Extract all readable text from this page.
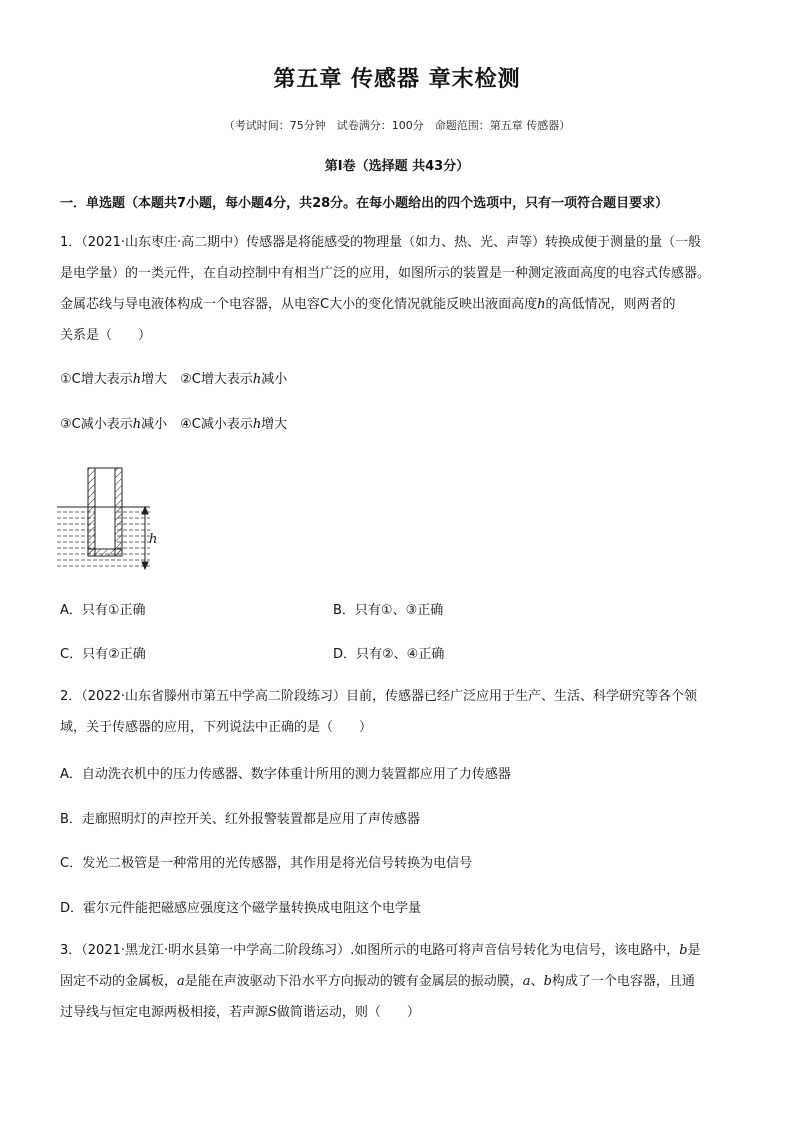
第五章 传感器 章末检测
（考试时间：75分钟　试卷满分：100分　命题范围：第五章 传感器）
第Ⅰ卷（选择题 共43分）
一．单选题（本题共7小题，每小题4分，共28分。在每小题给出的四个选项中，只有一项符合题目要求）
1．（2021·山东枣庄·高二期中）传感器是将能感受的物理量（如力、热、光、声等）转换成便于测量的量（一般
是电学量）的一类元件，在自动控制中有相当广泛的应用，如图所示的装置是一种测定液面高度的电容式传感器。
金属芯线与导电液体构成一个电容器，从电容C大小的变化情况就能反映出液面高度h的高低情况，则两者的
关系是（　　）
①C增大表示h增大　②C增大表示h减小
③C减小表示h减小　④C减小表示h增大
h
A．只有①正确	B．只有①、③正确
C．只有②正确	D．只有②、④正确
2．（2022·山东省滕州市第五中学高二阶段练习）目前，传感器已经广泛应用于生产、生活、科学研究等各个领
域，关于传感器的应用，下列说法中正确的是（　　）
A．自动洗衣机中的压力传感器、数字体重计所用的测力装置都应用了力传感器
B．走廊照明灯的声控开关、红外报警装置都是应用了声传感器
C．发光二极管是一种常用的光传感器，其作用是将光信号转换为电信号
D．霍尔元件能把磁感应强度这个磁学量转换成电阻这个电学量
3．（2021·黑龙江·明水县第一中学高二阶段练习）.如图所示的电路可将声音信号转化为电信号，该电路中，b是
固定不动的金属板，a是能在声波驱动下沿水平方向振动的镀有金属层的振动膜，a、b构成了一个电容器，且通
过导线与恒定电源两极相接，若声源S做简谐运动，则（　　）
